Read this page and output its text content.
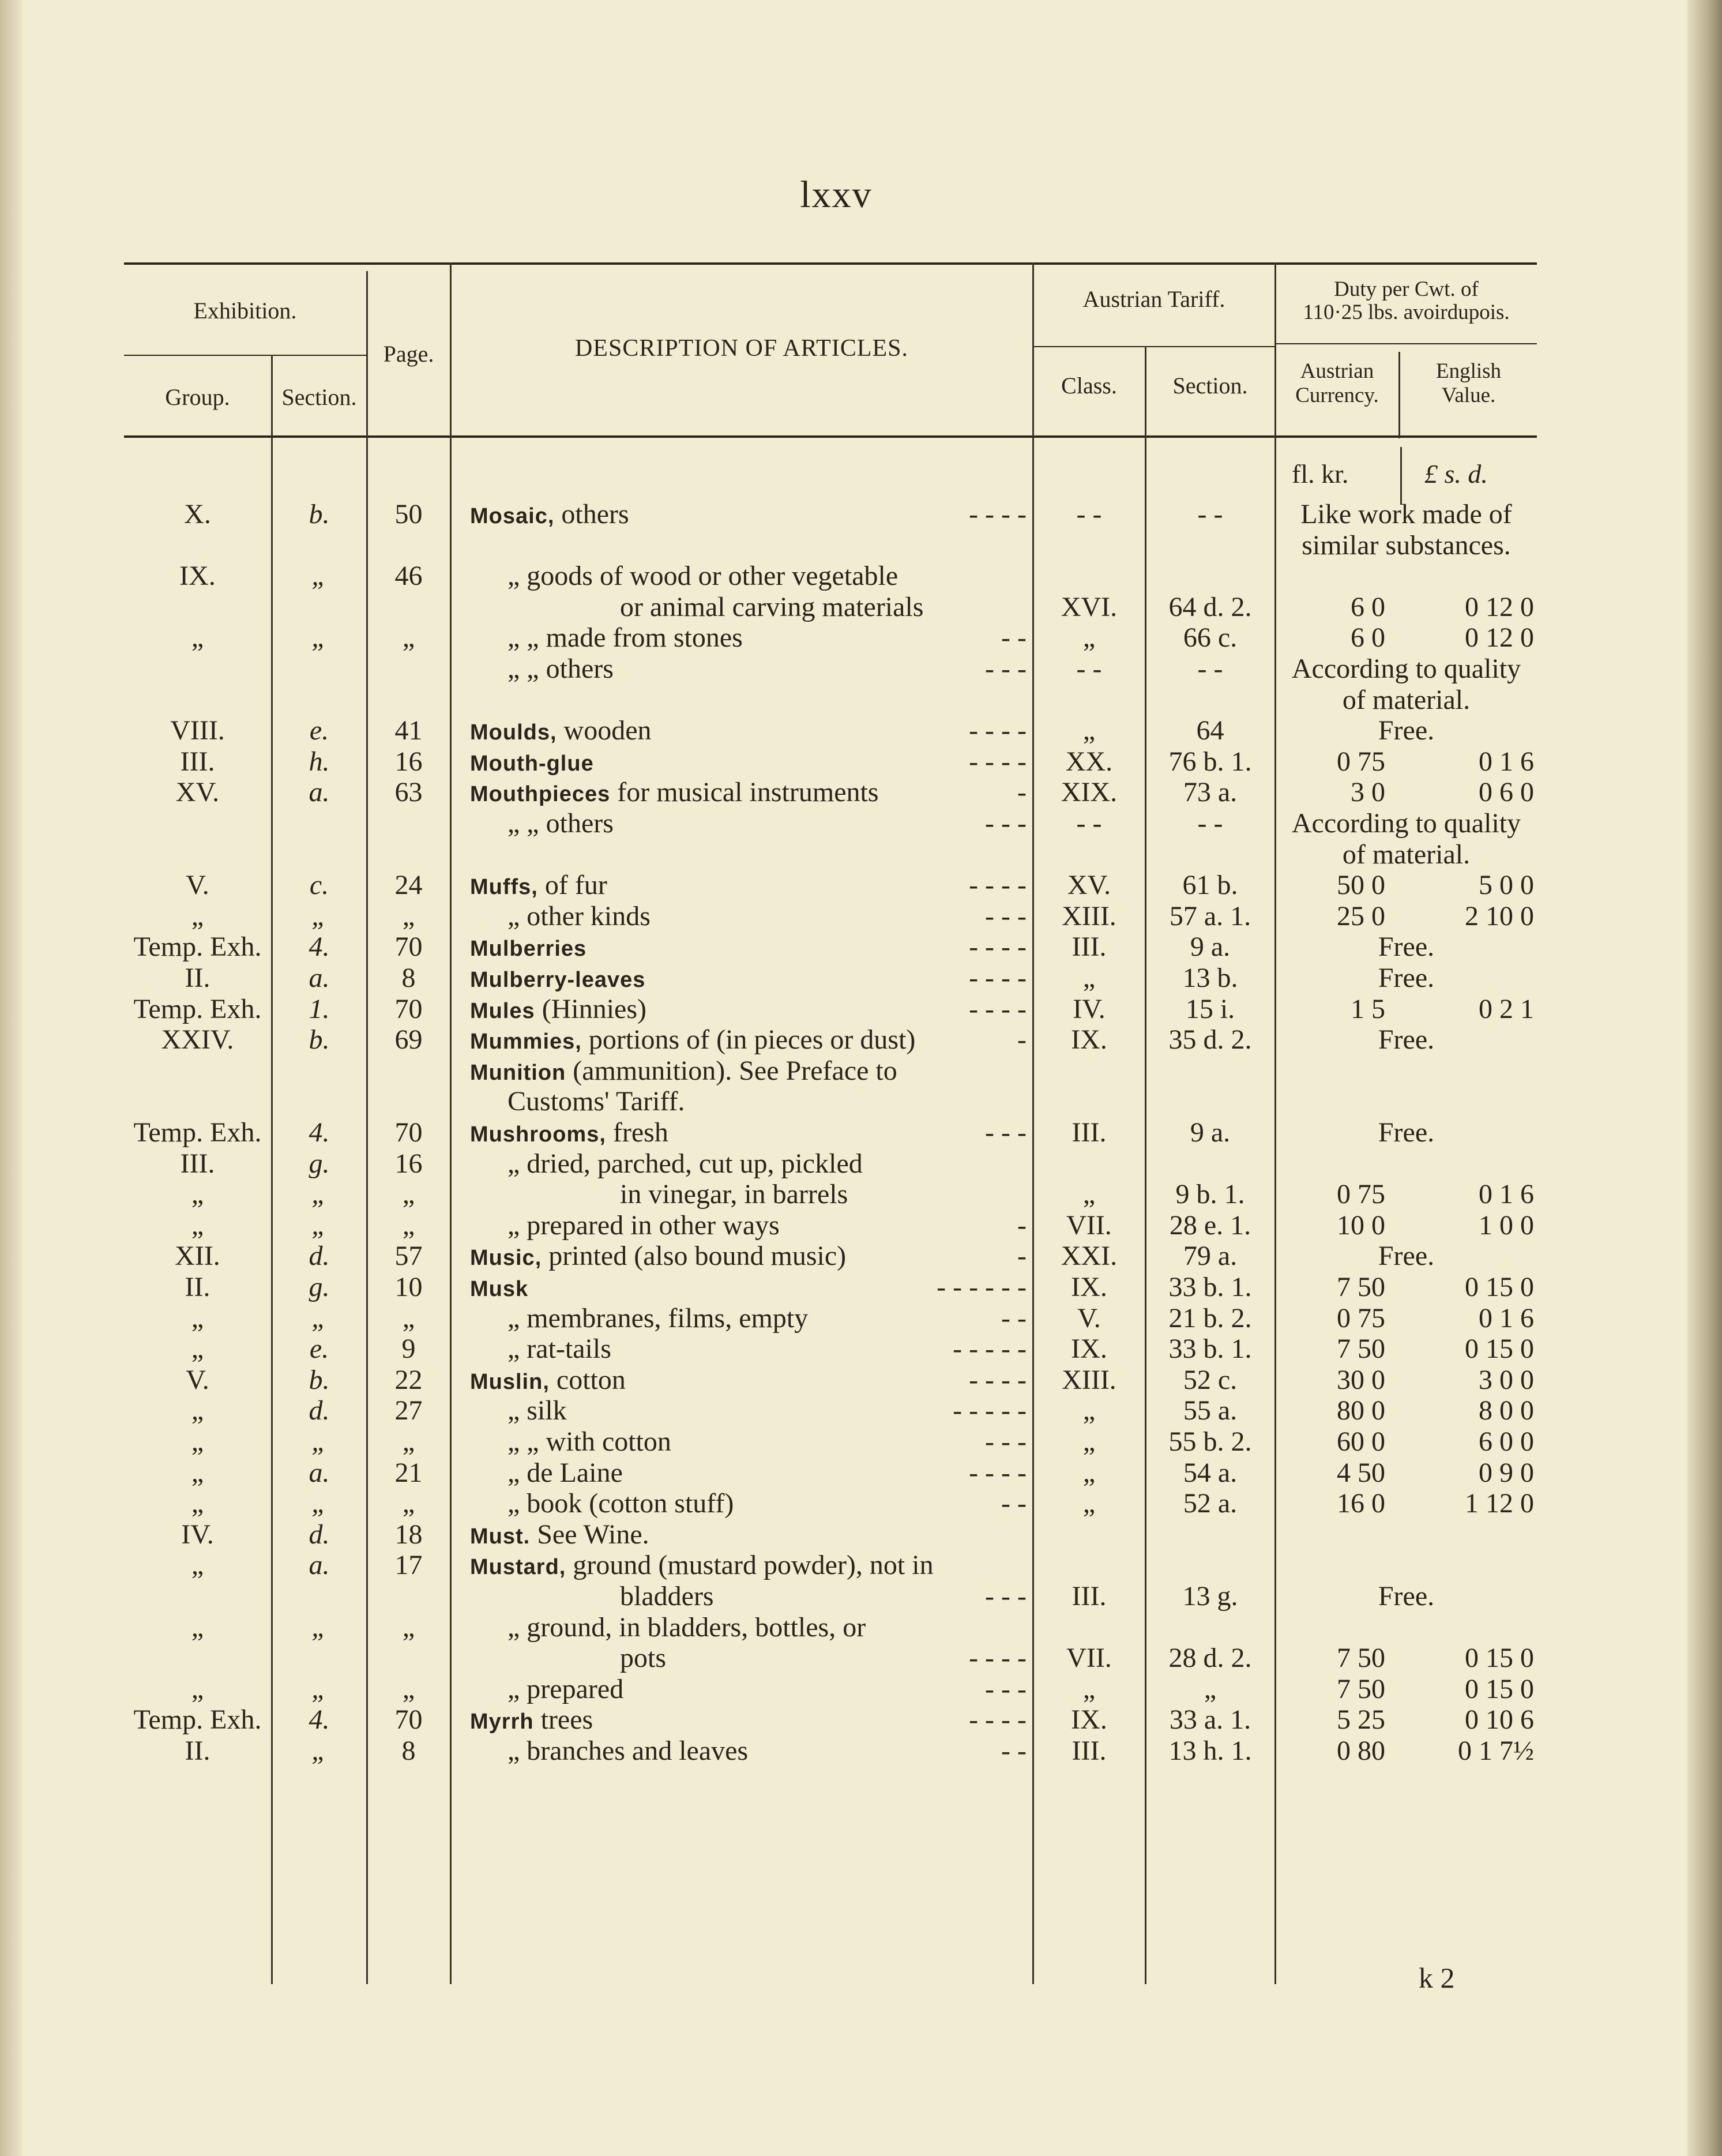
lxxv
Exhibition.
Group.	Section.
Page.	DESCRIPTION OF ARTICLES.
Austrian Tariff.
Class.	Section.
Duty per Cwt. of
110·25 lbs. avoirdupois.
Austrian
Currency.
English
Value.
fl. kr.	£ s. d.
X.	b.	50	Mosaic, others	- - - -	- -	- -	Like work made of
similar substances.
IX.	„	46	„ goods of wood or other vegetable
or animal carving materials	XVI.	64 d. 2.	6 0	0 12 0
„	„	„	„ „ made from stones	- -	„	66 c.	6 0	0 12 0
„ „ others	- - -	- -	- -	According to quality
of material.
VIII.	e.	41	Moulds, wooden	- - - -	„	64	Free.
III.	h.	16	Mouth-glue	- - - -	XX.	76 b. 1.	0 75	0 1 6
XV.	a.	63	Mouthpieces for musical instruments	-	XIX.	73 a.	3 0	0 6 0
„ „ others	- - -	- -	- -	According to quality
of material.
V.	c.	24	Muffs, of fur	- - - -	XV.	61 b.	50 0	5 0 0
„	„	„	„ other kinds	- - -	XIII.	57 a. 1.	25 0	2 10 0
Temp. Exh.	4.	70	Mulberries	- - - -	III.	9 a.	Free.
II.	a.	8	Mulberry-leaves	- - - -	„	13 b.	Free.
Temp. Exh.	1.	70	Mules (Hinnies)	- - - -	IV.	15 i.	1 5	0 2 1
XXIV.	b.	69	Mummies, portions of (in pieces or dust)	-	IX.	35 d. 2.	Free.
Munition (ammunition). See Preface to
Customs' Tariff.
Temp. Exh.	4.	70	Mushrooms, fresh	- - -	III.	9 a.	Free.
III.	g.	16	„ dried, parched, cut up, pickled
„	„	„	in vinegar, in barrels	„	9 b. 1.	0 75	0 1 6
„	„	„	„ prepared in other ways	-	VII.	28 e. 1.	10 0	1 0 0
XII.	d.	57	Music, printed (also bound music)	-	XXI.	79 a.	Free.
II.	g.	10	Musk	- - - - - -	IX.	33 b. 1.	7 50	0 15 0
„	„	„	„ membranes, films, empty	- -	V.	21 b. 2.	0 75	0 1 6
„	e.	9	„ rat-tails	- - - - -	IX.	33 b. 1.	7 50	0 15 0
V.	b.	22	Muslin, cotton	- - - -	XIII.	52 c.	30 0	3 0 0
„	d.	27	„ silk	- - - - -	„	55 a.	80 0	8 0 0
„	„	„	„ „ with cotton	- - -	„	55 b. 2.	60 0	6 0 0
„	a.	21	„ de Laine	- - - -	„	54 a.	4 50	0 9 0
„	„	„	„ book (cotton stuff)	- -	„	52 a.	16 0	1 12 0
IV.	d.	18	Must. See Wine.
„	a.	17	Mustard, ground (mustard powder), not in
bladders	- - -	III.	13 g.	Free.
„	„	„	„ ground, in bladders, bottles, or
pots	- - - -	VII.	28 d. 2.	7 50	0 15 0
„	„	„	„ prepared	- - -	„	„	7 50	0 15 0
Temp. Exh.	4.	70	Myrrh trees	- - - -	IX.	33 a. 1.	5 25	0 10 6
II.	„	8	„ branches and leaves	- -	III.	13 h. 1.	0 80	0 1 7½
k 2
